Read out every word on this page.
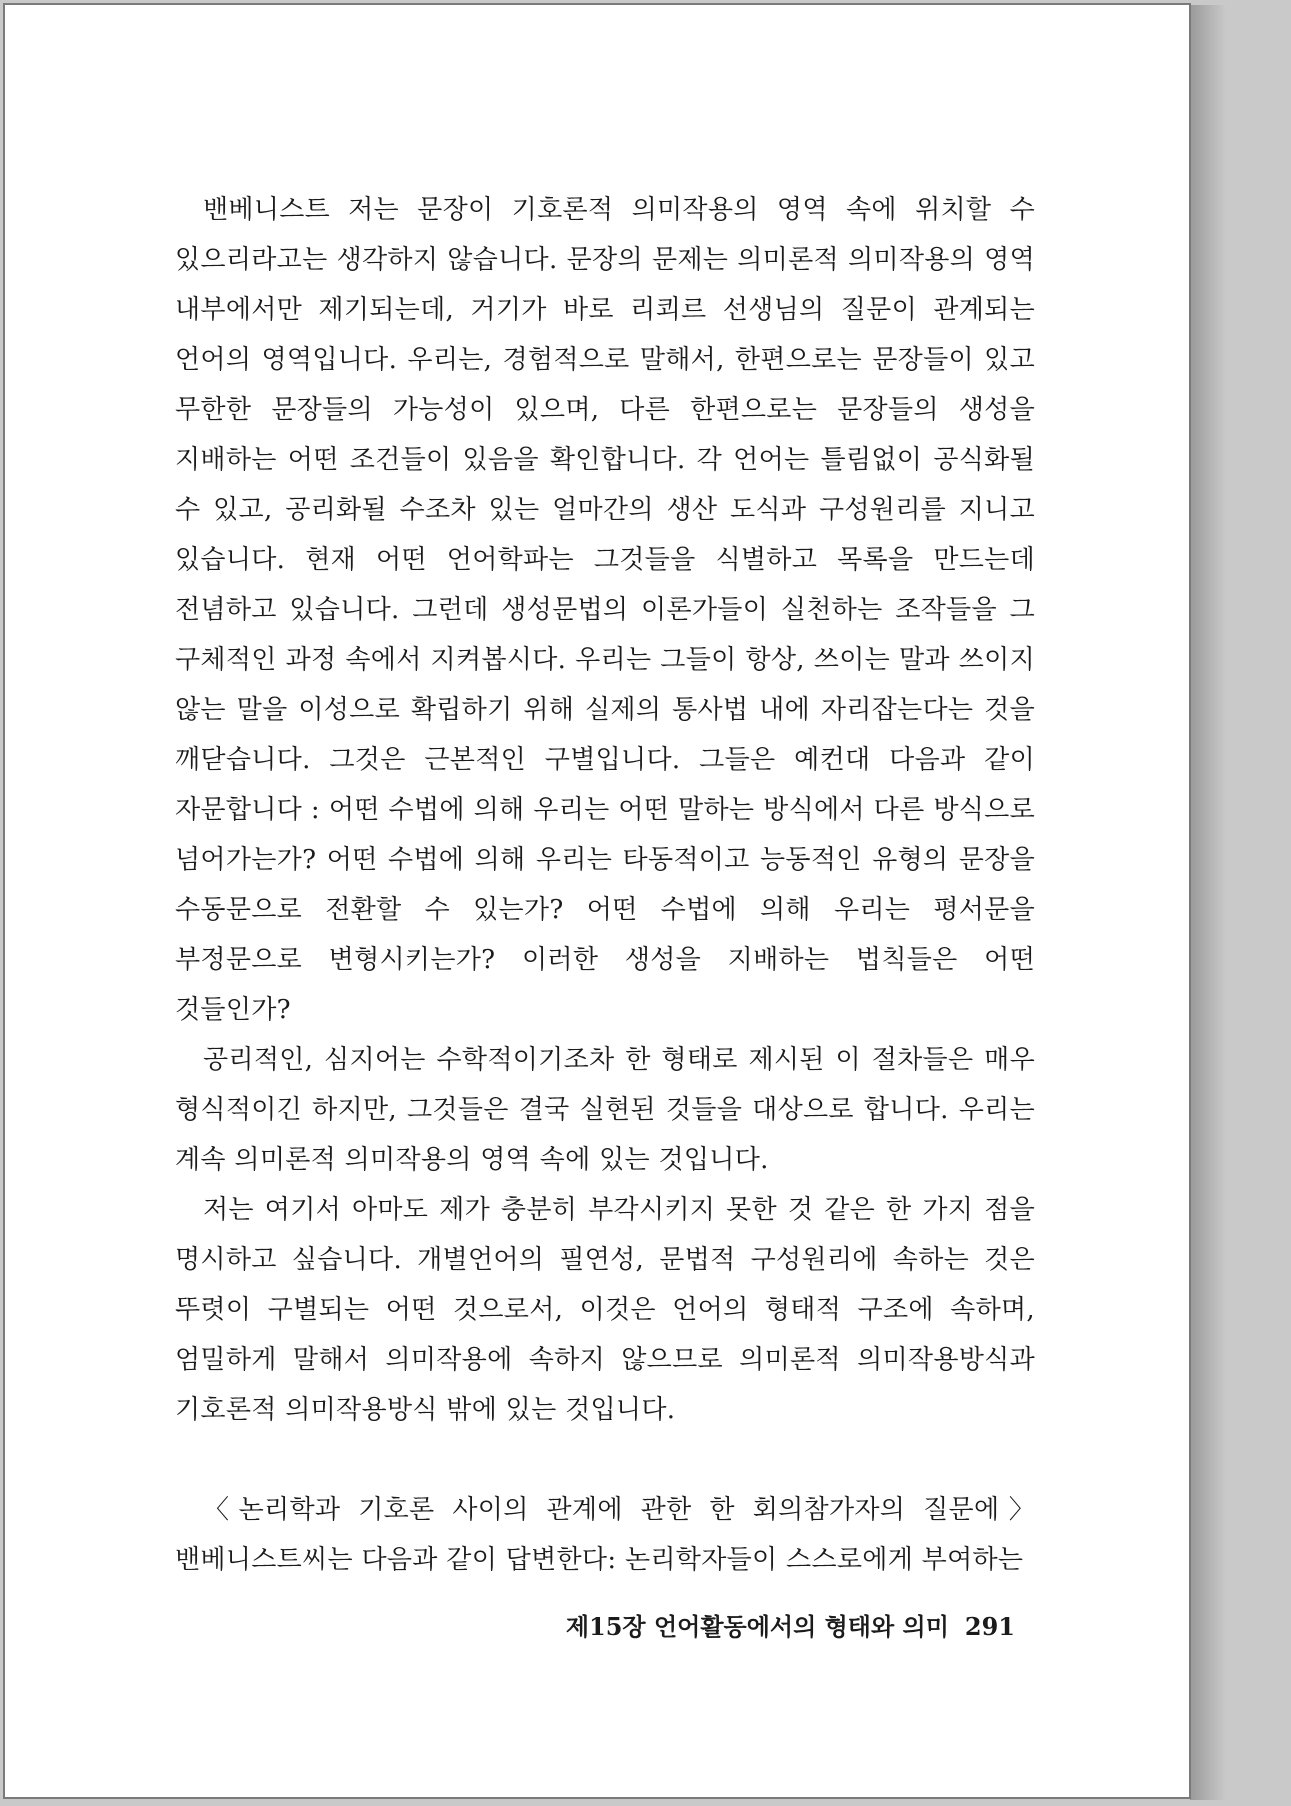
밴베니스트 저는 문장이 기호론적 의미작용의 영역 속에 위치할 수 있으리라고는 생각하지 않습니다. 문장의 문제는 의미론적 의미작용의 영역 내부에서만 제기되는데, 거기가 바로 리쾨르 선생님의 질문이 관계되는 언어의 영역입니다. 우리는, 경험적으로 말해서, 한편으로는 문장들이 있고 무한한 문장들의 가능성이 있으며, 다른 한편으로는 문장들의 생성을 지배하는 어떤 조건들이 있음을 확인합니다. 각 언어는 틀림없이 공식화될 수 있고, 공리화될 수조차 있는 얼마간의 생산 도식과 구성원리를 지니고 있습니다. 현재 어떤 언어학파는 그것들을 식별하고 목록을 만드는데 전념하고 있습니다. 그런데 생성문법의 이론가들이 실천하는 조작들을 그 구체적인 과정 속에서 지켜봅시다. 우리는 그들이 항상, 쓰이는 말과 쓰이지 않는 말을 이성으로 확립하기 위해 실제의 통사법 내에 자리잡는다는 것을 깨닫습니다. 그것은 근본적인 구별입니다. 그들은 예컨대 다음과 같이 자문합니다 : 어떤 수법에 의해 우리는 어떤 말하는 방식에서 다른 방식으로 넘어가는가? 어떤 수법에 의해 우리는 타동적이고 능동적인 유형의 문장을 수동문으로 전환할 수 있는가? 어떤 수법에 의해 우리는 평서문을 부정문으로 변형시키는가? 이러한 생성을 지배하는 법칙들은 어떤 것들인가?

공리적인, 심지어는 수학적이기조차 한 형태로 제시된 이 절차들은 매우 형식적이긴 하지만, 그것들은 결국 실현된 것들을 대상으로 합니다. 우리는 계속 의미론적 의미작용의 영역 속에 있는 것입니다.

저는 여기서 아마도 제가 충분히 부각시키지 못한 것 같은 한 가지 점을 명시하고 싶습니다. 개별언어의 필연성, 문법적 구성원리에 속하는 것은 뚜렷이 구별되는 어떤 것으로서, 이것은 언어의 형태적 구조에 속하며, 엄밀하게 말해서 의미작용에 속하지 않으므로 의미론적 의미작용방식과 기호론적 의미작용방식 밖에 있는 것입니다.

〈논리학과 기호론 사이의 관계에 관한 한 회의참가자의 질문에〉 밴베니스트씨는 다음과 같이 답변한다: 논리학자들이 스스로에게 부여하는

제15장 언어활동에서의 형태와 의미 291
